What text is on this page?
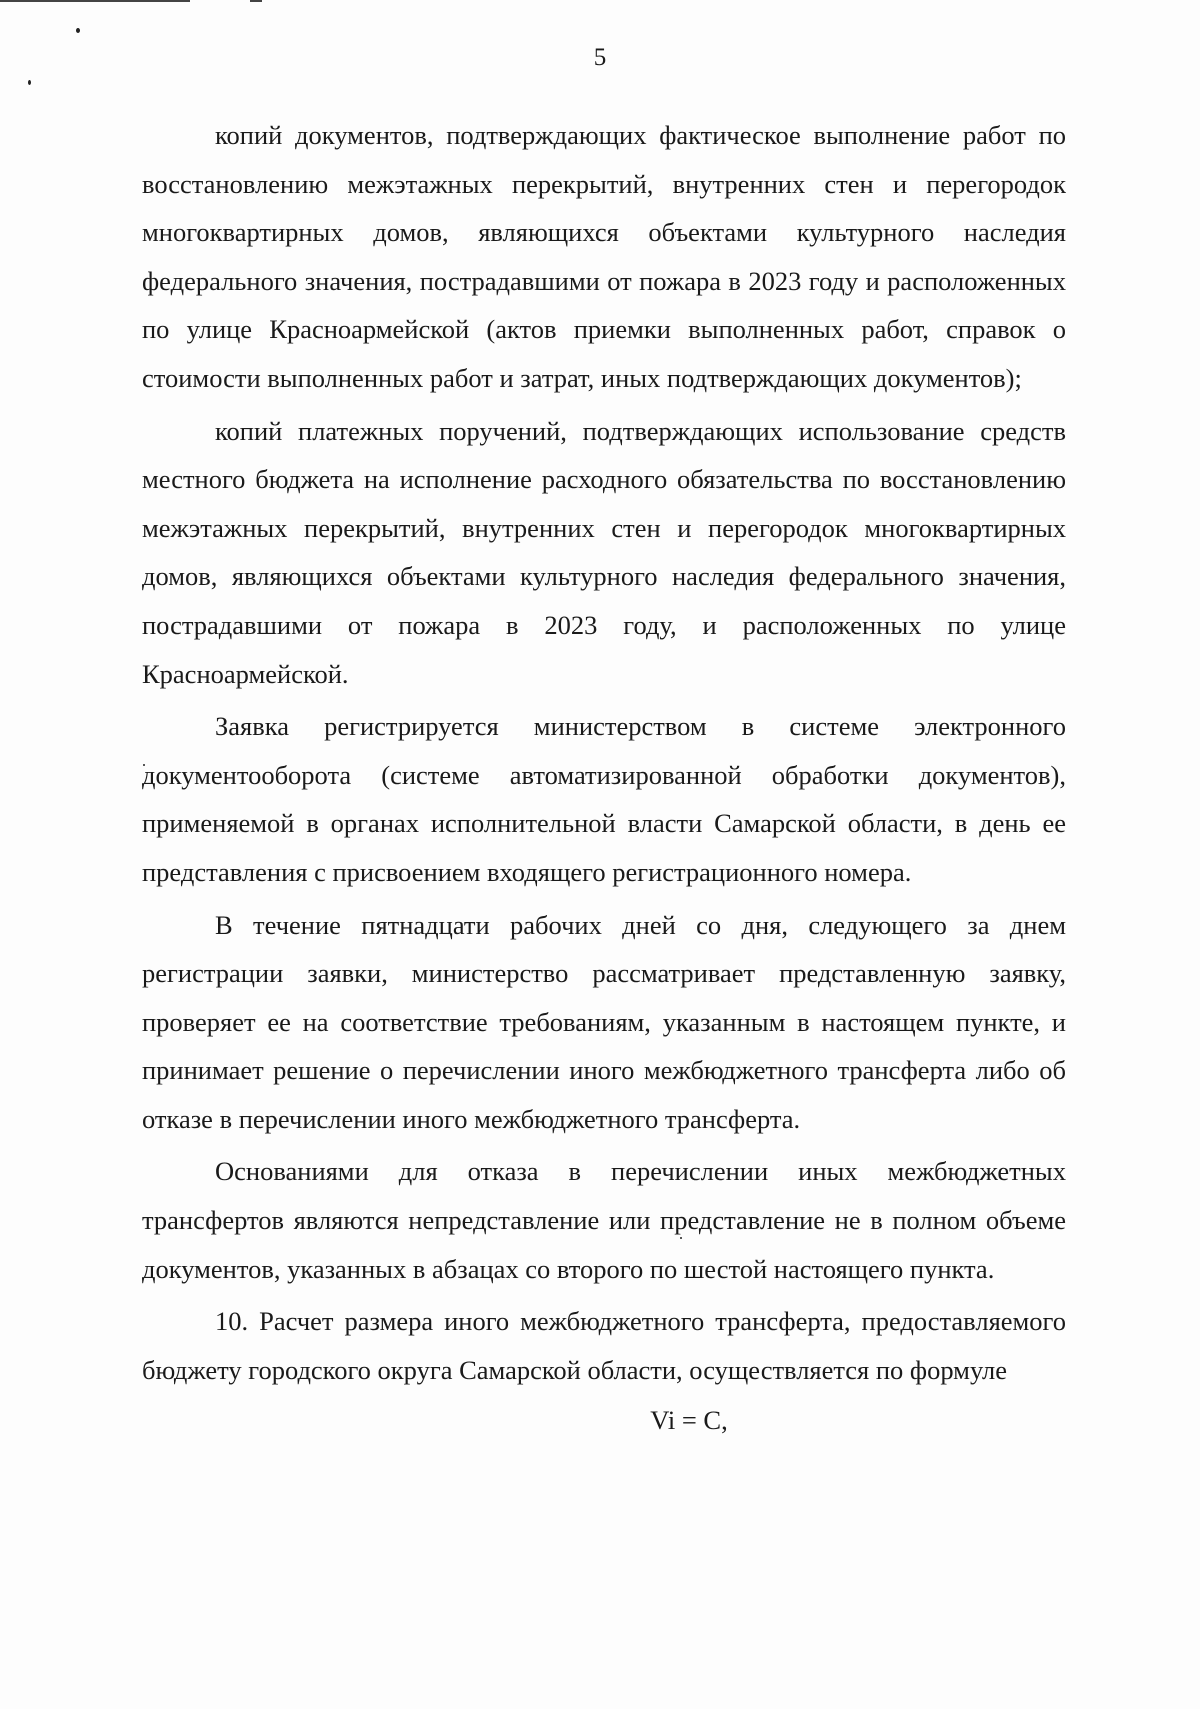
5

копий документов, подтверждающих фактическое выполнение работ по восстановлению межэтажных перекрытий, внутренних стен и перегородок многоквартирных домов, являющихся объектами культурного наследия федерального значения, пострадавшими от пожара в 2023 году и расположенных по улице Красноармейской (актов приемки выполненных работ, справок о стоимости выполненных работ и затрат, иных подтверждающих документов);

копий платежных поручений, подтверждающих использование средств местного бюджета на исполнение расходного обязательства по восстановлению межэтажных перекрытий, внутренних стен и перегородок многоквартирных домов, являющихся объектами культурного наследия федерального значения, пострадавшими от пожара в 2023 году, и расположенных по улице Красноармейской.

Заявка регистрируется министерством в системе электронного документооборота (системе автоматизированной обработки документов), применяемой в органах исполнительной власти Самарской области, в день ее представления с присвоением входящего регистрационного номера.

В течение пятнадцати рабочих дней со дня, следующего за днем регистрации заявки, министерство рассматривает представленную заявку, проверяет ее на соответствие требованиям, указанным в настоящем пункте, и принимает решение о перечислении иного межбюджетного трансферта либо об отказе в перечислении иного межбюджетного трансферта.

Основаниями для отказа в перечислении иных межбюджетных трансфертов являются непредставление или представление не в полном объеме документов, указанных в абзацах со второго по шестой настоящего пункта.

10. Расчет размера иного межбюджетного трансферта, предоставляемого бюджету городского округа Самарской области, осуществляется по формуле

Vi = C,
